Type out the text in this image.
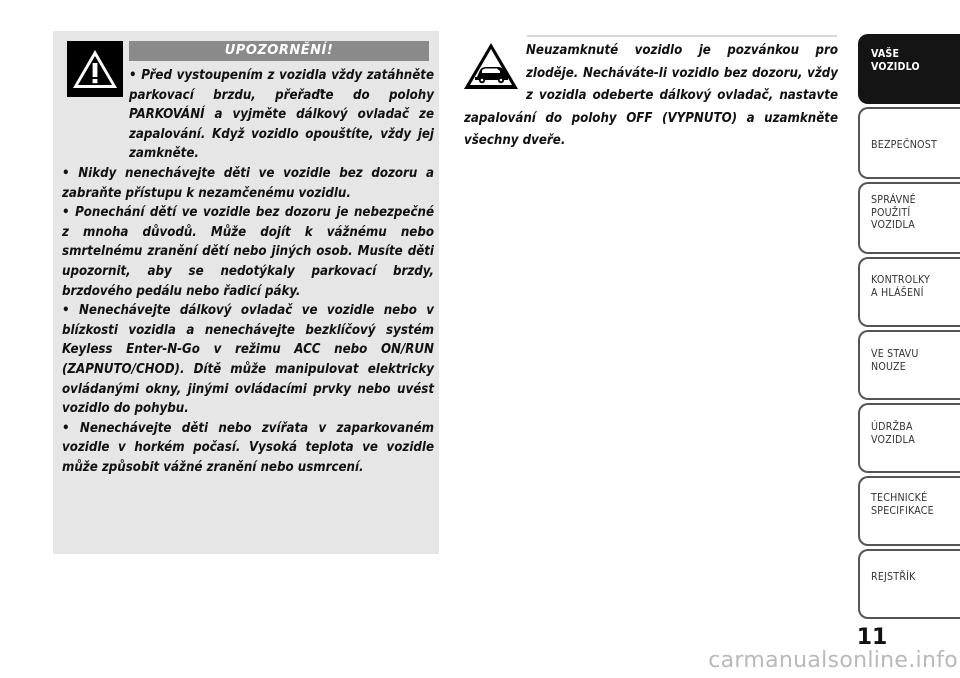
UPOZORNĚNÍ!

• Před vystoupením z vozidla vždy zatáhněte parkovací brzdu, přeřaďte do polohy PARKOVÁNÍ a vyjměte dálkový ovladač ze zapalování. Když vozidlo opouštíte, vždy jej zamkněte.

• Nikdy nenechávejte děti ve vozidle bez dozoru a zabraňte přístupu k nezamčenému vozidlu.

• Ponechání dětí ve vozidle bez dozoru je nebezpečné z mnoha důvodů. Může dojít k vážnému nebo smrtelnému zranění dětí nebo jiných osob. Musíte děti upozornit, aby se nedotýkaly parkovací brzdy, brzdového pedálu nebo řadicí páky.

• Nenechávejte dálkový ovladač ve vozidle nebo v blízkosti vozidla a nenechávejte bezklíčový systém Keyless Enter-N-Go v režimu ACC nebo ON/RUN (ZAPNUTO/CHOD). Dítě může manipulovat elektricky ovládanými okny, jinými ovládacími prvky nebo uvést vozidlo do pohybu.

• Nenechávejte děti nebo zvířata v zaparkovaném vozidle v horkém počasí. Vysoká teplota ve vozidle může způsobit vážné zranění nebo usmrcení.

Neuzamknuté vozidlo je pozvánkou pro zloděje. Necháváte-li vozidlo bez dozoru, vždy z vozidla odeberte dálkový ovladač, nastavte zapalování do polohy OFF (VYPNUTO) a uzamkněte všechny dveře.
VAŠE
VOZIDLO
BEZPEČNOST
SPRÁVNÉ
POUŽITÍ
VOZIDLA
KONTROLKY
A HLÁŠENÍ
VE STAVU
NOUZE
ÚDRŽBA
VOZIDLA
TECHNICKÉ
SPECIFIKACE
REJSTŘÍK
11
carmanualsonline.info
